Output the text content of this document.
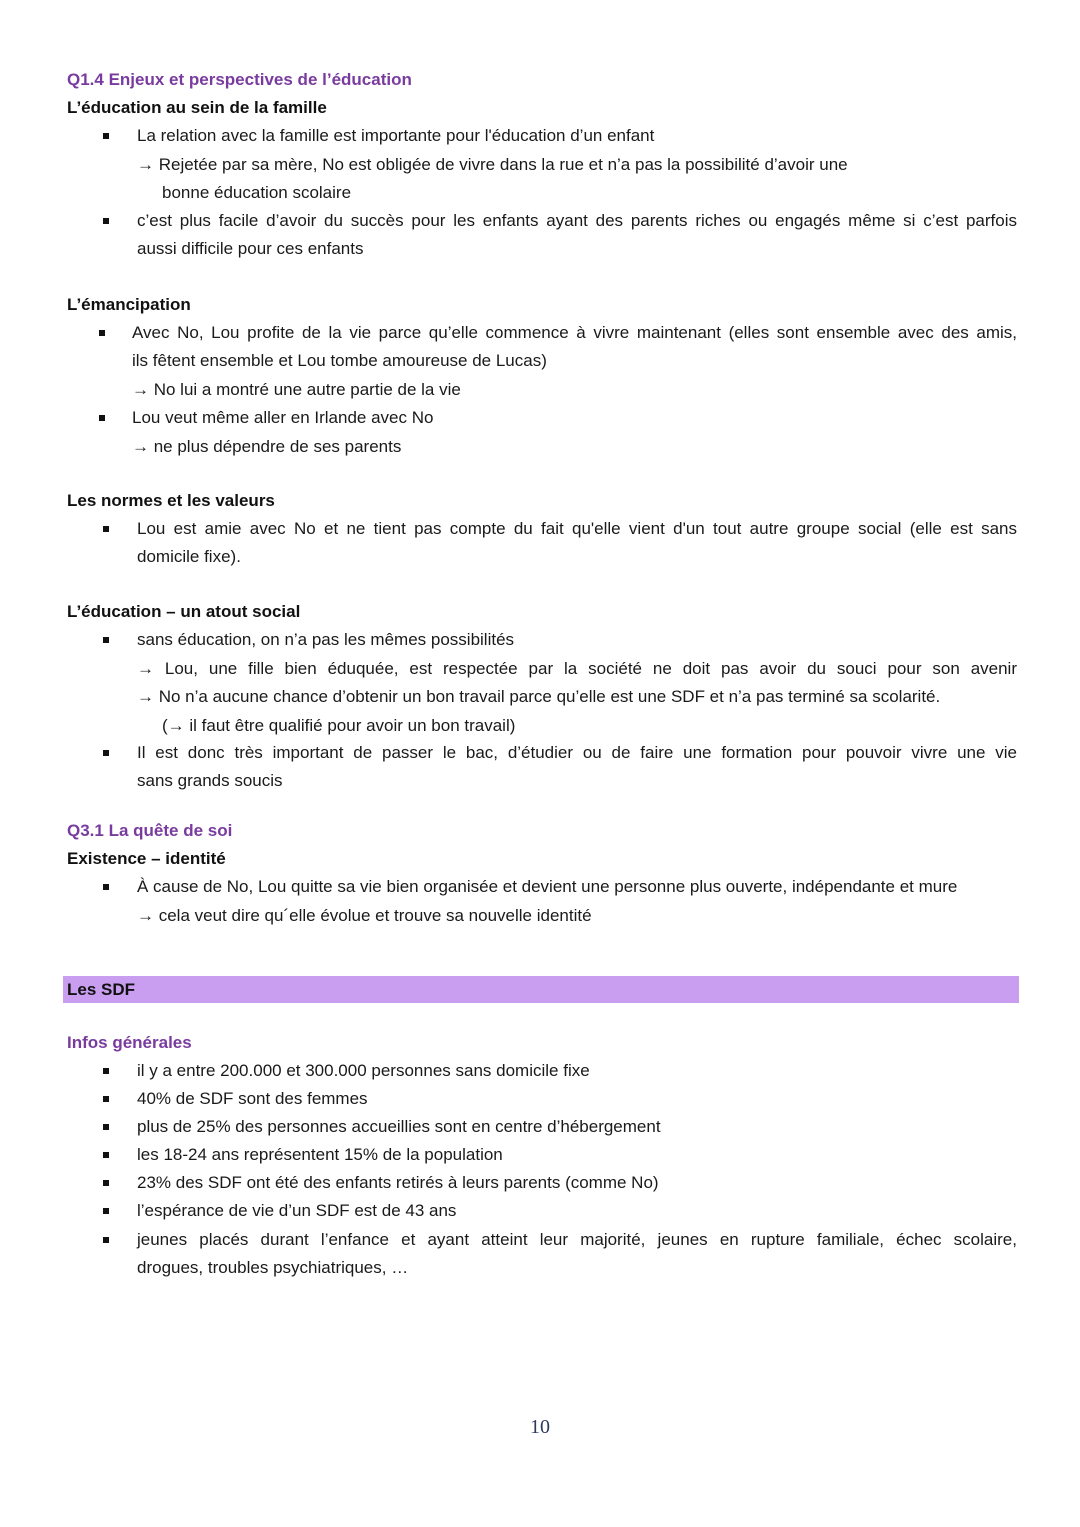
Q1.4 Enjeux et perspectives de l’éducation
L’éducation au sein de la famille
La relation avec la famille est importante pour l'éducation d’un enfant
→ Rejetée par sa mère, No est obligée de vivre dans la rue et n’a pas la possibilité d’avoir une
bonne éducation scolaire
c’est plus facile d’avoir du succès pour les enfants ayant des parents riches ou engagés même si c’est parfois
aussi difficile pour ces enfants
L’émancipation
Avec No, Lou profite de la vie parce qu’elle commence à vivre maintenant (elles sont ensemble avec des amis,
ils fêtent ensemble et Lou tombe amoureuse de Lucas)
→ No lui a montré une autre partie de la vie
Lou veut même aller en Irlande avec No
→ ne plus dépendre de ses parents
Les normes et les valeurs
Lou est amie avec No et ne tient pas compte du fait qu'elle vient d'un tout autre groupe social (elle est sans
domicile fixe).
L’éducation – un atout social
sans éducation, on n’a pas les mêmes possibilités
→ Lou, une fille bien éduquée, est respectée par la société ne doit pas avoir du souci pour son avenir
→ No n’a aucune chance d’obtenir un bon travail parce qu’elle est une SDF et n’a pas terminé sa scolarité.
(→ il faut être qualifié pour avoir un bon travail)
Il est donc très important de passer le bac, d’étudier ou de faire une formation pour pouvoir vivre une vie
sans grands soucis
Q3.1 La quête de soi
Existence – identité
À cause de No, Lou quitte sa vie bien organisée et devient une personne plus ouverte, indépendante et mure
→ cela veut dire qu´elle évolue et trouve sa nouvelle identité
Les SDF
Infos générales
il y a entre 200.000 et 300.000 personnes sans domicile fixe
40% de SDF sont des femmes
plus de 25% des personnes accueillies sont en centre d’hébergement
les 18-24 ans représentent 15% de la population
23% des SDF ont été des enfants retirés à leurs parents (comme No)
l’espérance de vie d’un SDF est de 43 ans
jeunes placés durant l’enfance et ayant atteint leur majorité, jeunes en rupture familiale, échec scolaire,
drogues, troubles psychiatriques, …
10
